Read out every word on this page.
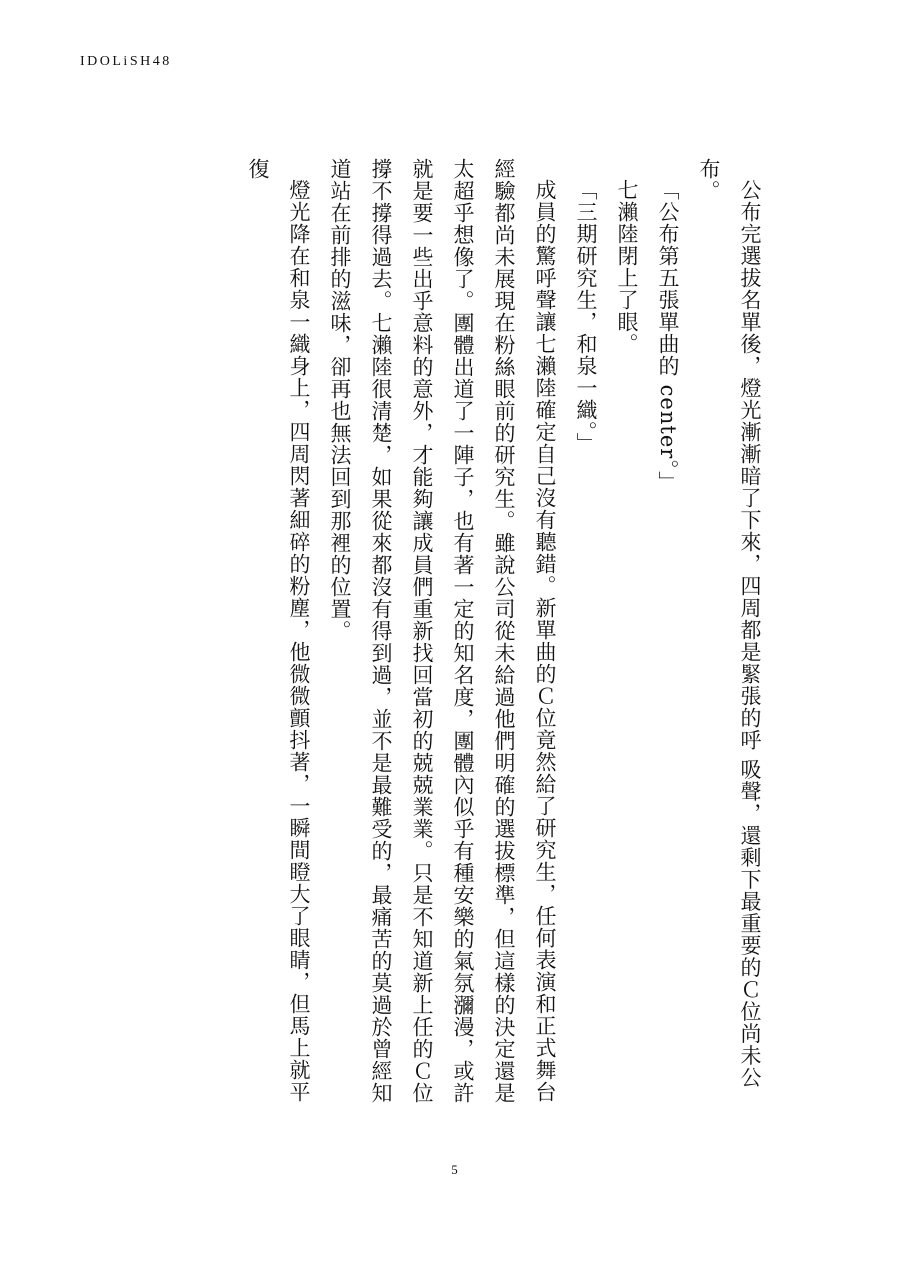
IDOLiSH48

公布完選拔名單後，燈光漸漸暗了下來，四周都是緊張的呼 吸聲，還剩下最重要的Ｃ位尚未公布。

「公布第五張單曲的 center。」

七瀨陸閉上了眼。

「三期研究生，和泉一織。」

成員的驚呼聲讓七瀨陸確定自己沒有聽錯。新單曲的Ｃ位竟然給了研究生，任何表演和正式舞台經驗都尚未展現在粉絲眼前的研究生。雖說公司從未給過他們明確的選拔標準，但這樣的決定還是太超乎想像了。團體出道了一陣子，也有著一定的知名度，團體內似乎有種安樂的氣氛瀰漫，或許就是要一些出乎意料的意外，才能夠讓成員們重新找回當初的兢兢業業。只是不知道新上任的Ｃ位撐不撐得過去。七瀨陸很清楚，如果從來都沒有得到過，並不是最難受的，最痛苦的莫過於曾經知道站在前排的滋味，卻再也無法回到那裡的位置。

燈光降在和泉一織身上，四周閃著細碎的粉塵，他微微顫抖著，一瞬間瞪大了眼睛，但馬上就平復

5
